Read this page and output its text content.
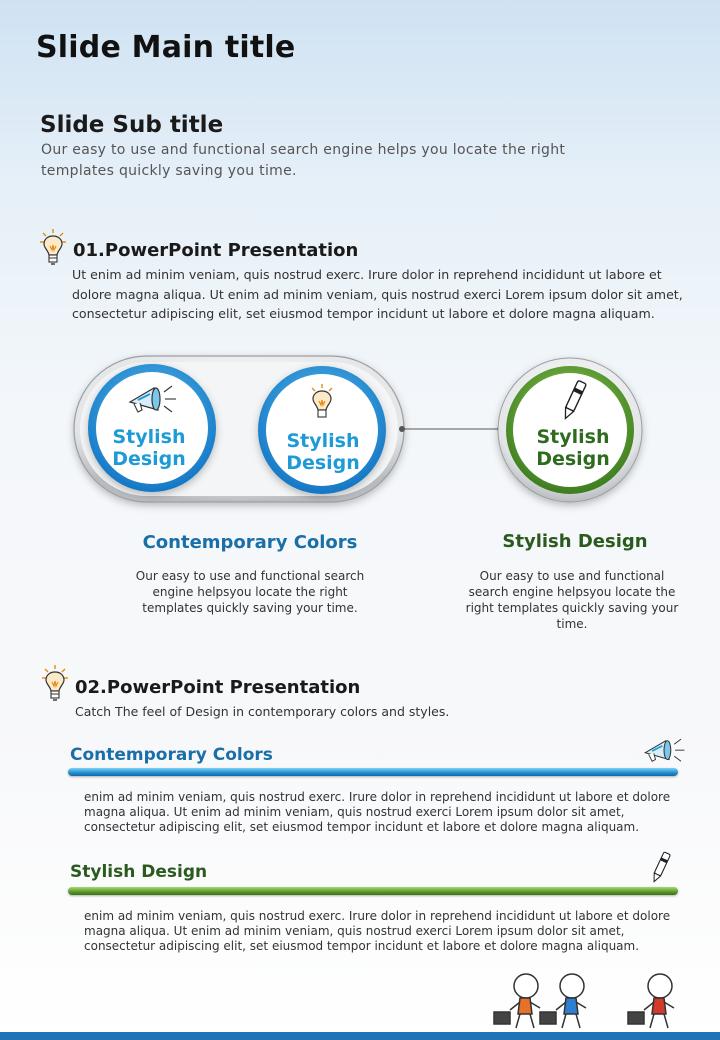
Slide Main title
Slide Sub title
Our easy to use and functional search engine helps you locate the right templates quickly saving you time.
01.PowerPoint Presentation
Ut enim ad minim veniam, quis nostrud exerc. Irure dolor in reprehend incididunt ut labore et dolore magna aliqua. Ut enim ad minim veniam, quis nostrud exerci Lorem ipsum dolor sit amet, consectetur adipiscing elit, set eiusmod tempor incidunt ut labore et dolore magna aliquam.
Stylish
Design
Stylish
Design
Stylish
Design
Contemporary Colors
Our easy to use and functional search engine helpsyou locate the right templates quickly saving your time.
Stylish Design
Our easy to use and functional search engine helpsyou locate the right templates quickly saving your time.
02.PowerPoint Presentation
Catch The feel of Design in contemporary colors and styles.
Contemporary Colors
enim ad minim veniam, quis nostrud exerc. Irure dolor in reprehend incididunt ut labore et dolore magna aliqua. Ut enim ad minim veniam, quis nostrud exerci Lorem ipsum dolor sit amet, consectetur adipiscing elit, set eiusmod tempor incidunt et labore et dolore magna aliquam.
Stylish Design
enim ad minim veniam, quis nostrud exerc. Irure dolor in reprehend incididunt ut labore et dolore magna aliqua. Ut enim ad minim veniam, quis nostrud exerci Lorem ipsum dolor sit amet, consectetur adipiscing elit, set eiusmod tempor incidunt et labore et dolore magna aliquam.
